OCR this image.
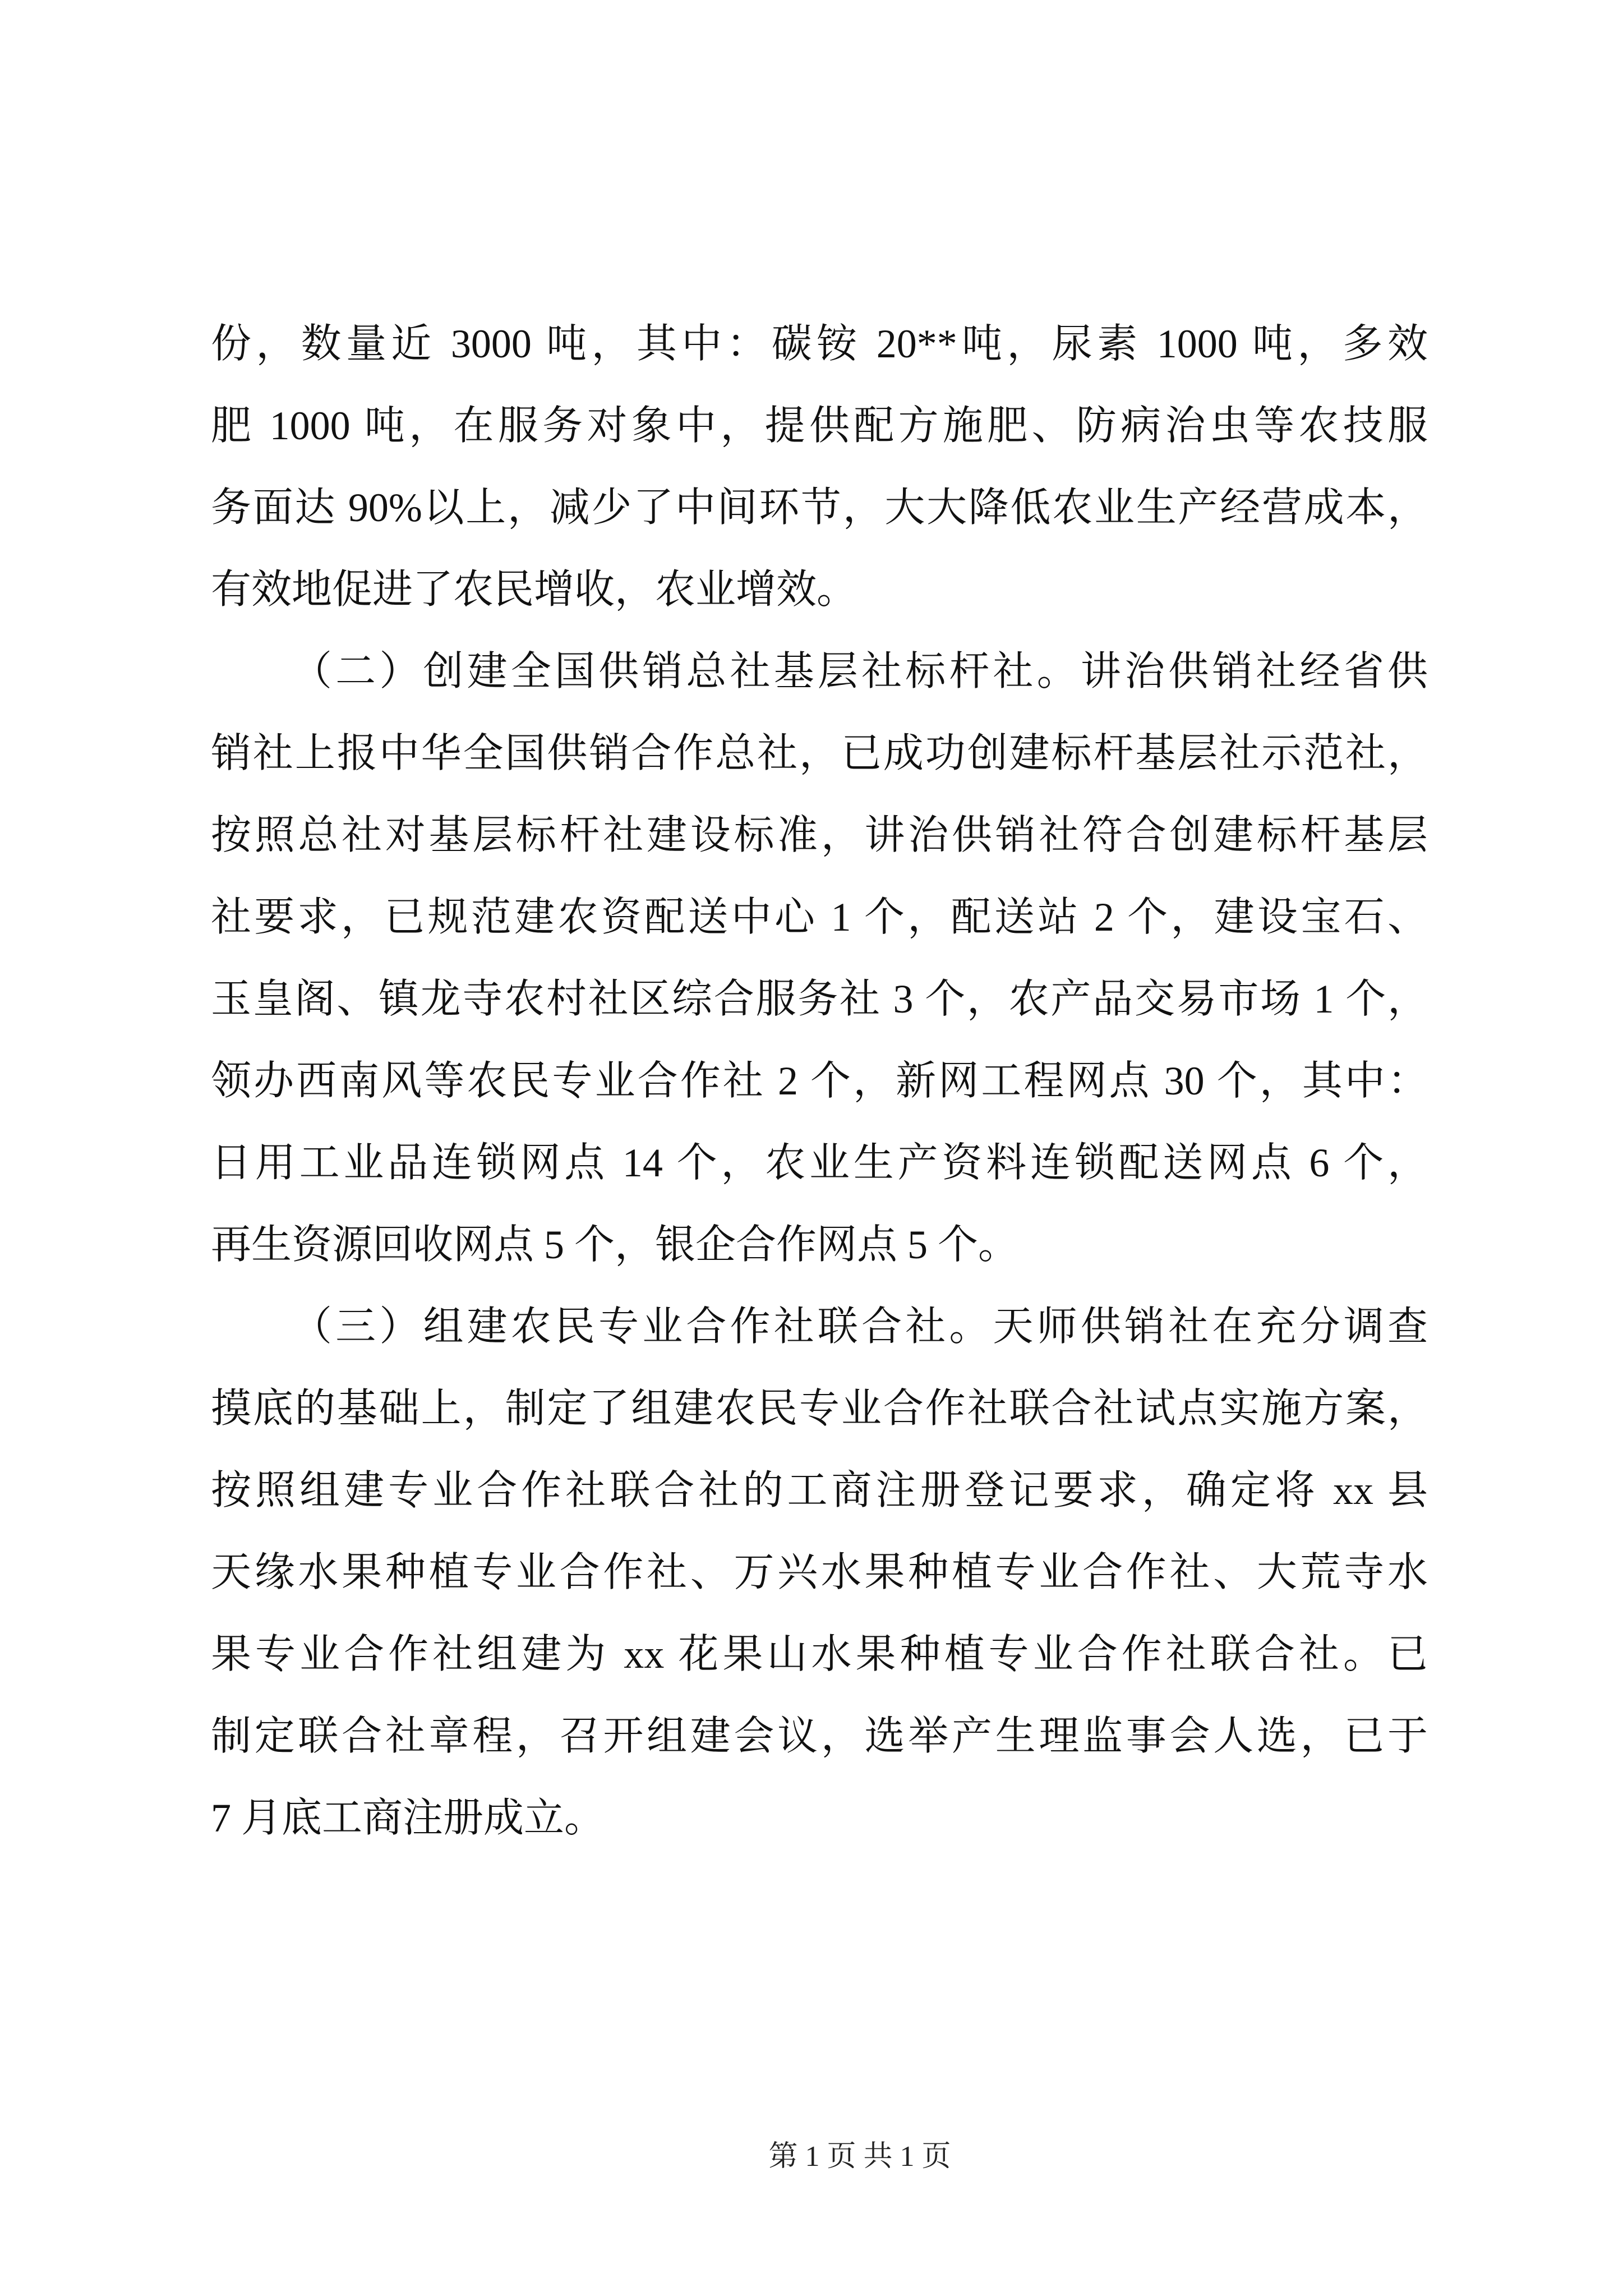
份，数量近 3000 吨，其中：碳铵 20**吨，尿素 1000 吨，多效
肥 1000 吨，在服务对象中，提供配方施肥、防病治虫等农技服
务面达 90%以上，减少了中间环节，大大降低农业生产经营成本，
有效地促进了农民增收，农业增效。
（二）创建全国供销总社基层社标杆社。讲治供销社经省供
销社上报中华全国供销合作总社，已成功创建标杆基层社示范社，
按照总社对基层标杆社建设标准，讲治供销社符合创建标杆基层
社要求，已规范建农资配送中心 1 个，配送站 2 个，建设宝石、
玉皇阁、镇龙寺农村社区综合服务社 3 个，农产品交易市场 1 个，
领办西南风等农民专业合作社 2 个，新网工程网点 30 个，其中：
日用工业品连锁网点 14 个，农业生产资料连锁配送网点 6 个，
再生资源回收网点 5 个，银企合作网点 5 个。
（三）组建农民专业合作社联合社。天师供销社在充分调查
摸底的基础上，制定了组建农民专业合作社联合社试点实施方案，
按照组建专业合作社联合社的工商注册登记要求，确定将 xx 县
天缘水果种植专业合作社、万兴水果种植专业合作社、大荒寺水
果专业合作社组建为 xx 花果山水果种植专业合作社联合社。已
制定联合社章程，召开组建会议，选举产生理监事会人选，已于
7 月底工商注册成立。
第 1 页 共 1 页
